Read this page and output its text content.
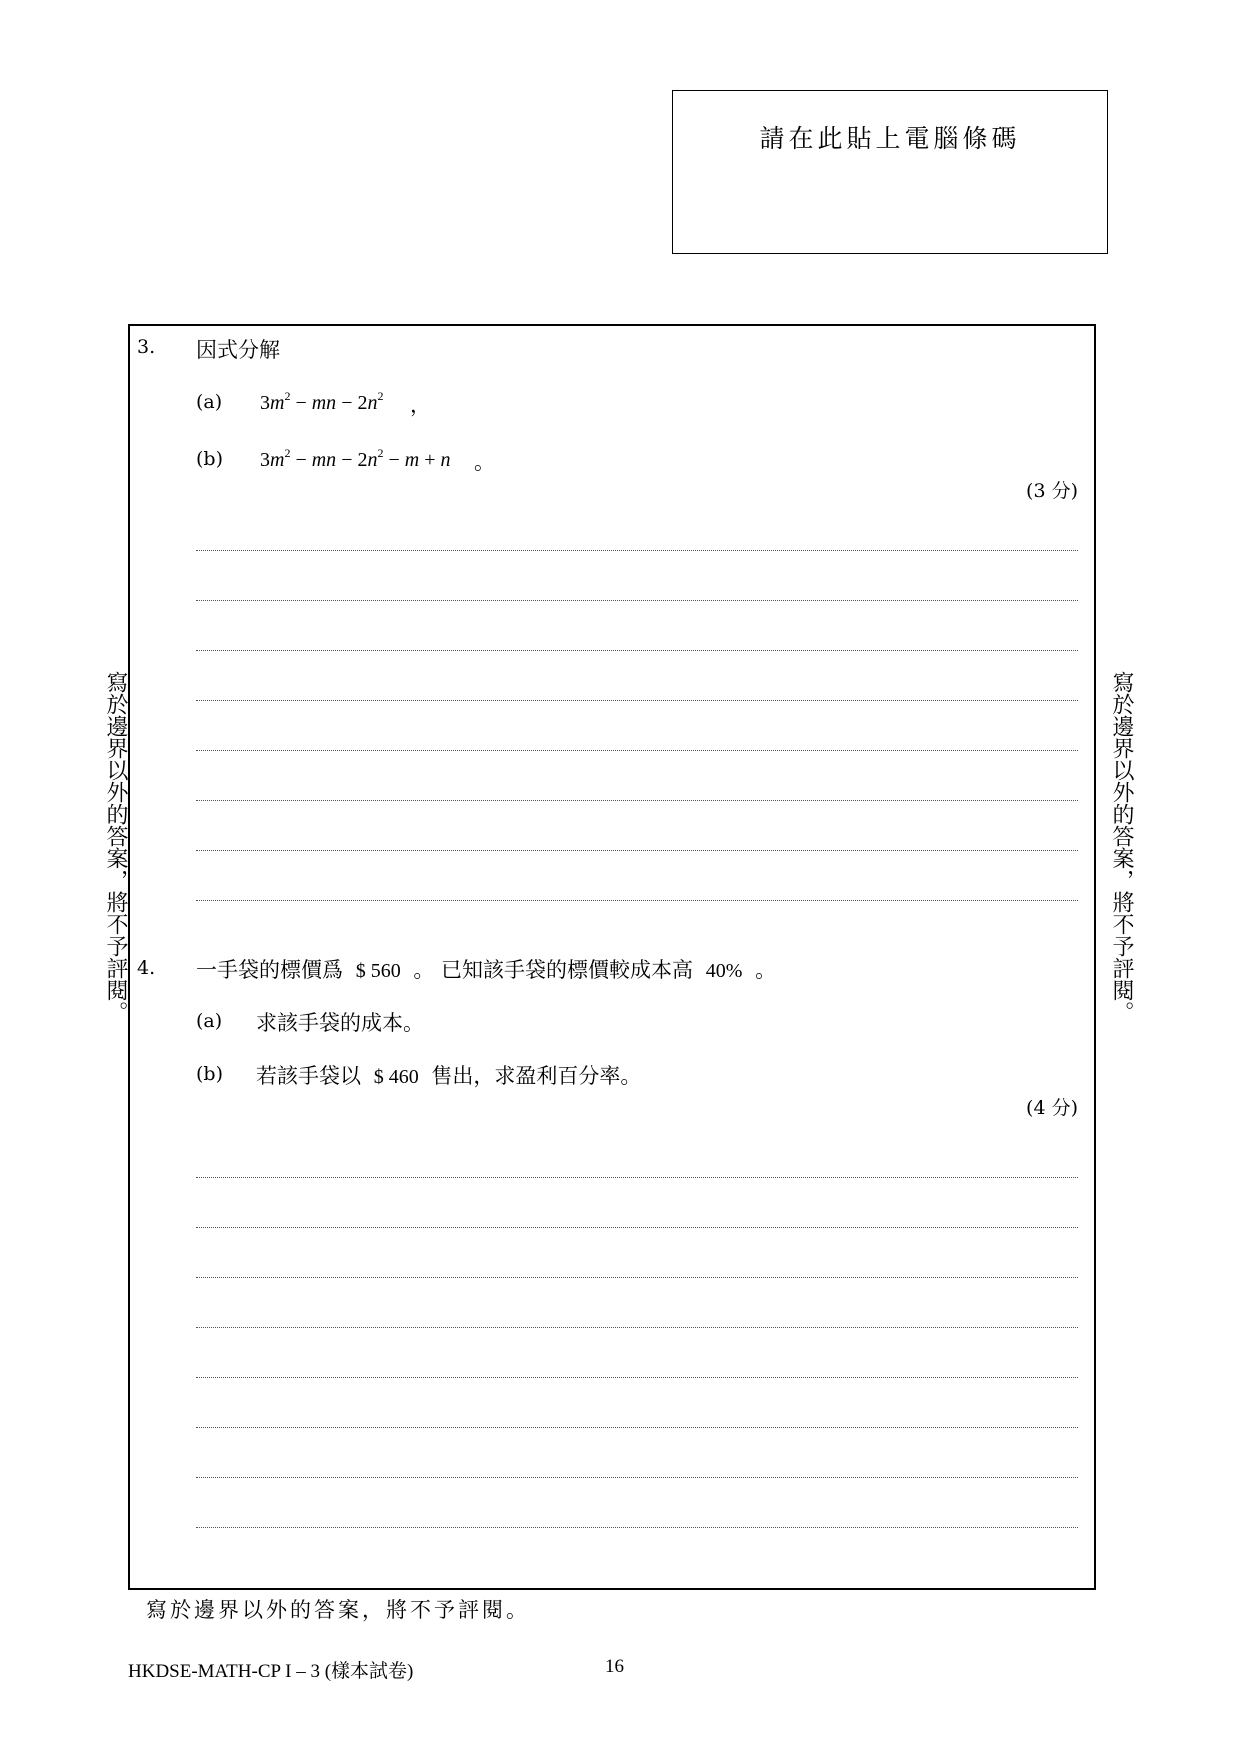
請在此貼上電腦條碼
寫於邊界以外的答案，將不予評閱。	寫於邊界以外的答案，將不予評閱。
3. 因式分解
(a) $3m^2$ − mn − $2n^2$ ，
(b) $3m^2$ − mn − $2n^2 - m + n$ 。
(3 分)
4. 一手袋的標價爲 $ 560 。 已知該手袋的標價較成本高 40% 。
(a) 求該手袋的成本。
(b) 若該手袋以 $ 460 售出，求盈利百分率。
(4 分)
寫於邊界以外的答案，將不予評閱。
HKDSE-MATH-CP I – 3 (樣本試卷)	16
